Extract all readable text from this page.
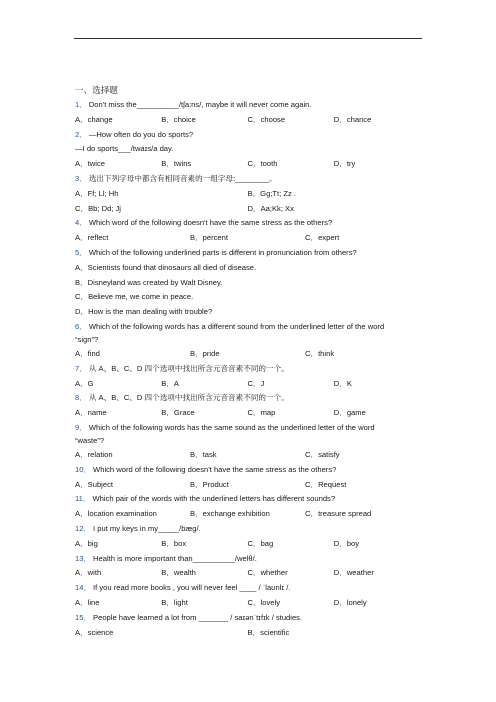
一、选择题
1． Don't miss the__________/tʃa:ns/, maybe it will never come again.
A．change	B．choice	C．choose	D．chance
2． —How often do you do sports?
—I do sports___/twaɪs/a day.
A．twice	B．twins	C．tooth	D．try
3． 选出下列字母中都含有相同音素的一组字母:________。
A．Ff; Ll; Hh	B．Gg;Tt; Zz .
C．Bb; Dd; Jj	D．Aa;Kk; Xx
4． Which word of the following doesn't have the same stress as the others?
A．reflect	B．percent	C．expert
5． Which of the following underlined parts is different in pronunciation from others?
A．Scientists found that dinosaurs all died of disease.
B．Disneyland was created by Walt Disney.
C．Believe me, we come in peace.
D．How is the man dealing with trouble?
6． Which of the following words has a different sound from the underlined letter of the word
“sign”?
A．find	B．pride	C．think
7． 从 A、B、C、D 四个选项中找出所含元音音素不同的一个。
A．G	B．A	C．J	D．K
8． 从 A、B、C、D 四个选项中找出所含元音音素不同的一个。
A．name	B．Grace	C．map	D．game
9． Which of the following words has the same sound as the underlined letter of the word
“waste”?
A．relation	B．task	C．satisfy
10． Which word of the following doesn't have the same stress as the others?
A．Subject	B．Product	C．Request
11． Which pair of the words with the underlined letters has different sounds?
A．location examination	B．exchange exhibition	C．treasure spread
12． I put my keys in my_____/bæg/.
A．big	B．box	C．bag	D．boy
13． Health is more important than__________/welθ/.
A．with	B．wealth	C．whether	D．weather
14． If you read more books , you will never feel ____ / ˈlaʊnlɪ /.
A．line	B．light	C．lovely	D．lonely
15． People have learned a lot from _______ / saɪənˈtɪfɪk / studies.
A．science	B．scientific
